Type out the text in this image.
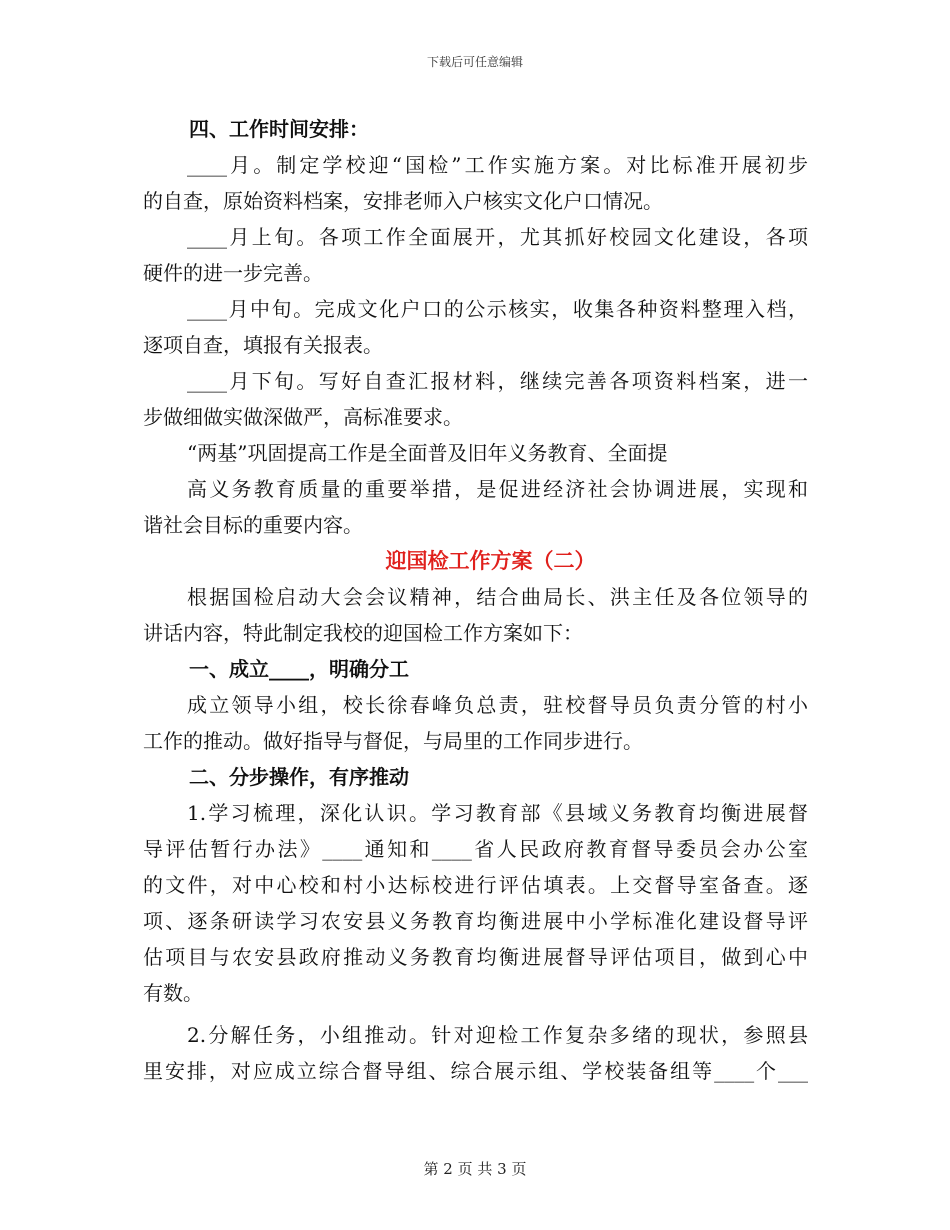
下载后可任意编辑
四、工作时间安排：
____月。制定学校迎“国检”工作实施方案。对比标准开展初步
的自查，原始资料档案，安排老师入户核实文化户口情况。
____月上旬。各项工作全面展开，尤其抓好校园文化建设，各项
硬件的进一步完善。
____月中旬。完成文化户口的公示核实，收集各种资料整理入档，
逐项自查，填报有关报表。
____月下旬。写好自查汇报材料，继续完善各项资料档案，进一
步做细做实做深做严，高标准要求。
“两基”巩固提高工作是全面普及旧年义务教育、全面提
高义务教育质量的重要举措，是促进经济社会协调进展，实现和
谐社会目标的重要内容。
迎国检工作方案（二）
根据国检启动大会会议精神，结合曲局长、洪主任及各位领导的
讲话内容，特此制定我校的迎国检工作方案如下：
一、成立____，明确分工
成立领导小组，校长徐春峰负总责，驻校督导员负责分管的村小
工作的推动。做好指导与督促，与局里的工作同步进行。
二、分步操作，有序推动
1.学习梳理，深化认识。学习教育部《县域义务教育均衡进展督
导评估暂行办法》____通知和____省人民政府教育督导委员会办公室
的文件，对中心校和村小达标校进行评估填表。上交督导室备查。逐
项、逐条研读学习农安县义务教育均衡进展中小学标准化建设督导评
估项目与农安县政府推动义务教育均衡进展督导评估项目，做到心中
有数。
2.分解任务，小组推动。针对迎检工作复杂多绪的现状，参照县
里安排，对应成立综合督导组、综合展示组、学校装备组等____个___
第 2 页 共 3 页
